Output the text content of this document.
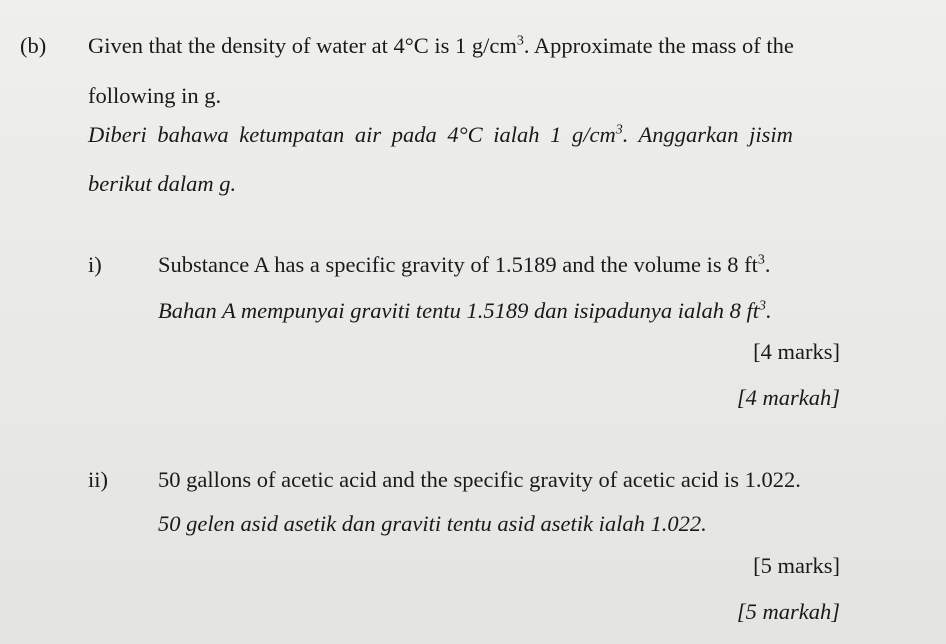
(b) Given that the density of water at 4°C is 1 $g/cm^3$. Approximate the mass of the
following in g.
Diberi bahawa ketumpatan air pada 4°C ialah 1 $g/cm^3$. Anggarkan jisim
berikut dalam g.
i)	Substance A has a specific gravity of 1.5189 and the volume is 8 $ft^3$.
Bahan A mempunyai graviti tentu 1.5189 dan isipadunya ialah 8 $ft^3$.
[4 marks]
[4 markah]
ii) 50 gallons of acetic acid and the specific gravity of acetic acid is 1.022.
50 gelen asid asetik dan graviti tentu asid asetik ialah 1.022.
[5 marks]
[5 markah]
